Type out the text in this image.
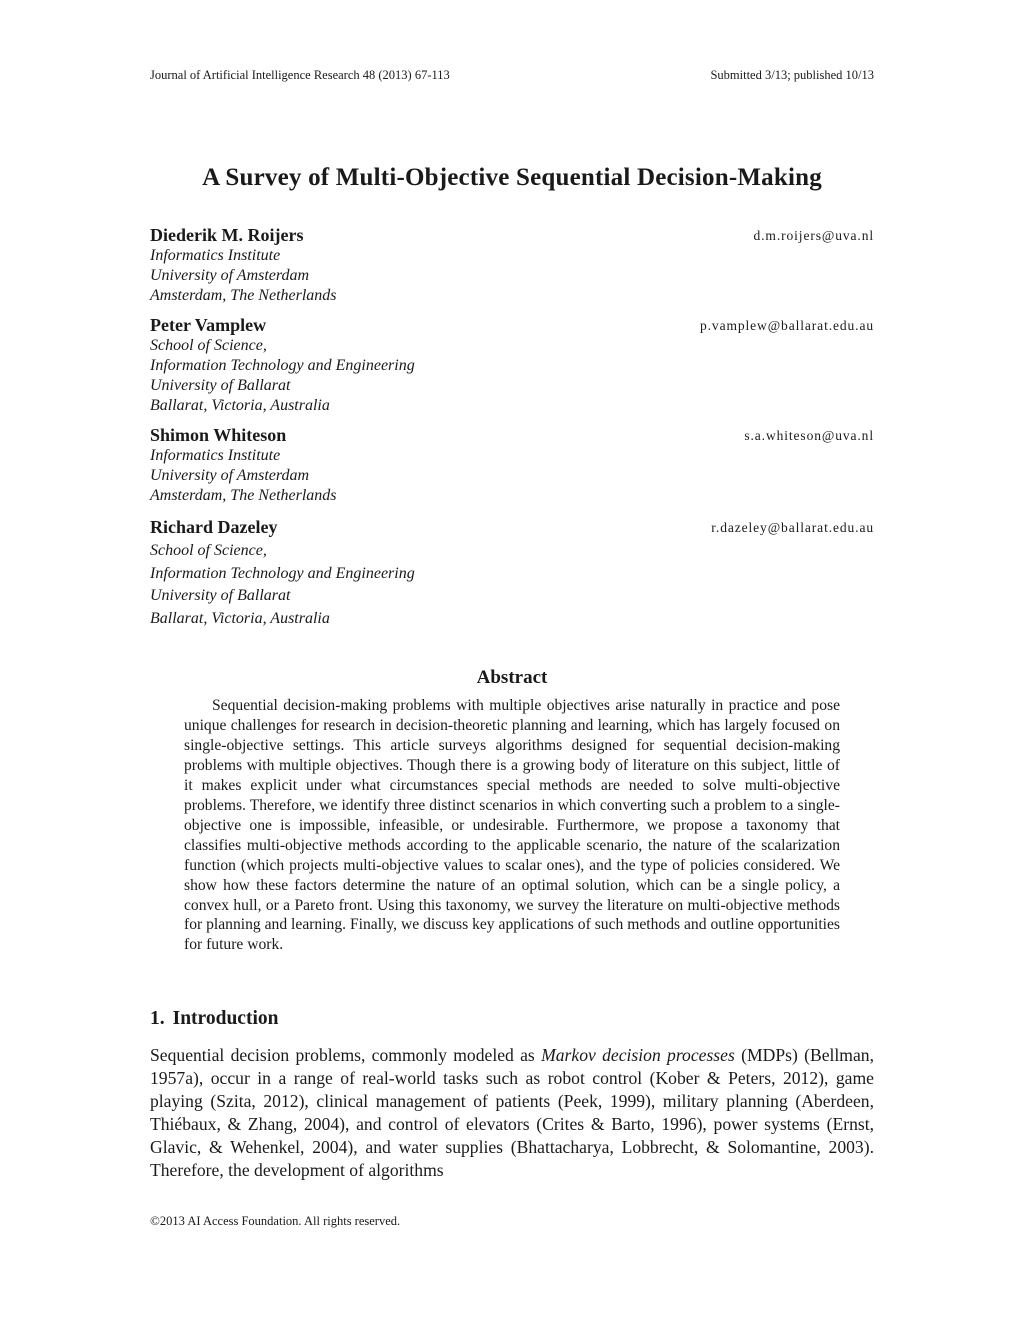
Journal of Artificial Intelligence Research 48 (2013) 67-113	Submitted 3/13; published 10/13
A Survey of Multi-Objective Sequential Decision-Making
Diederik M. Roijers	d.m.roijers@uva.nl
Informatics Institute
University of Amsterdam
Amsterdam, The Netherlands
Peter Vamplew	p.vamplew@ballarat.edu.au
School of Science,
Information Technology and Engineering
University of Ballarat
Ballarat, Victoria, Australia
Shimon Whiteson	s.a.whiteson@uva.nl
Informatics Institute
University of Amsterdam
Amsterdam, The Netherlands
Richard Dazeley	r.dazeley@ballarat.edu.au
School of Science,
Information Technology and Engineering
University of Ballarat
Ballarat, Victoria, Australia
Abstract

Sequential decision-making problems with multiple objectives arise naturally in practice and pose unique challenges for research in decision-theoretic planning and learning, which has largely focused on single-objective settings. This article surveys algorithms designed for sequential decision-making problems with multiple objectives. Though there is a growing body of literature on this subject, little of it makes explicit under what circumstances special methods are needed to solve multi-objective problems. Therefore, we identify three distinct scenarios in which converting such a problem to a single-objective one is impossible, infeasible, or undesirable. Furthermore, we propose a taxonomy that classifies multi-objective methods according to the applicable scenario, the nature of the scalarization function (which projects multi-objective values to scalar ones), and the type of policies considered. We show how these factors determine the nature of an optimal solution, which can be a single policy, a convex hull, or a Pareto front. Using this taxonomy, we survey the literature on multi-objective methods for planning and learning. Finally, we discuss key applications of such methods and outline opportunities for future work.

1. Introduction

Sequential decision problems, commonly modeled as Markov decision processes (MDPs) (Bellman, 1957a), occur in a range of real-world tasks such as robot control (Kober & Peters, 2012), game playing (Szita, 2012), clinical management of patients (Peek, 1999), military planning (Aberdeen, Thiébaux, & Zhang, 2004), and control of elevators (Crites & Barto, 1996), power systems (Ernst, Glavic, & Wehenkel, 2004), and water supplies (Bhattacharya, Lobbrecht, & Solomantine, 2003). Therefore, the development of algorithms

©2013 AI Access Foundation. All rights reserved.
